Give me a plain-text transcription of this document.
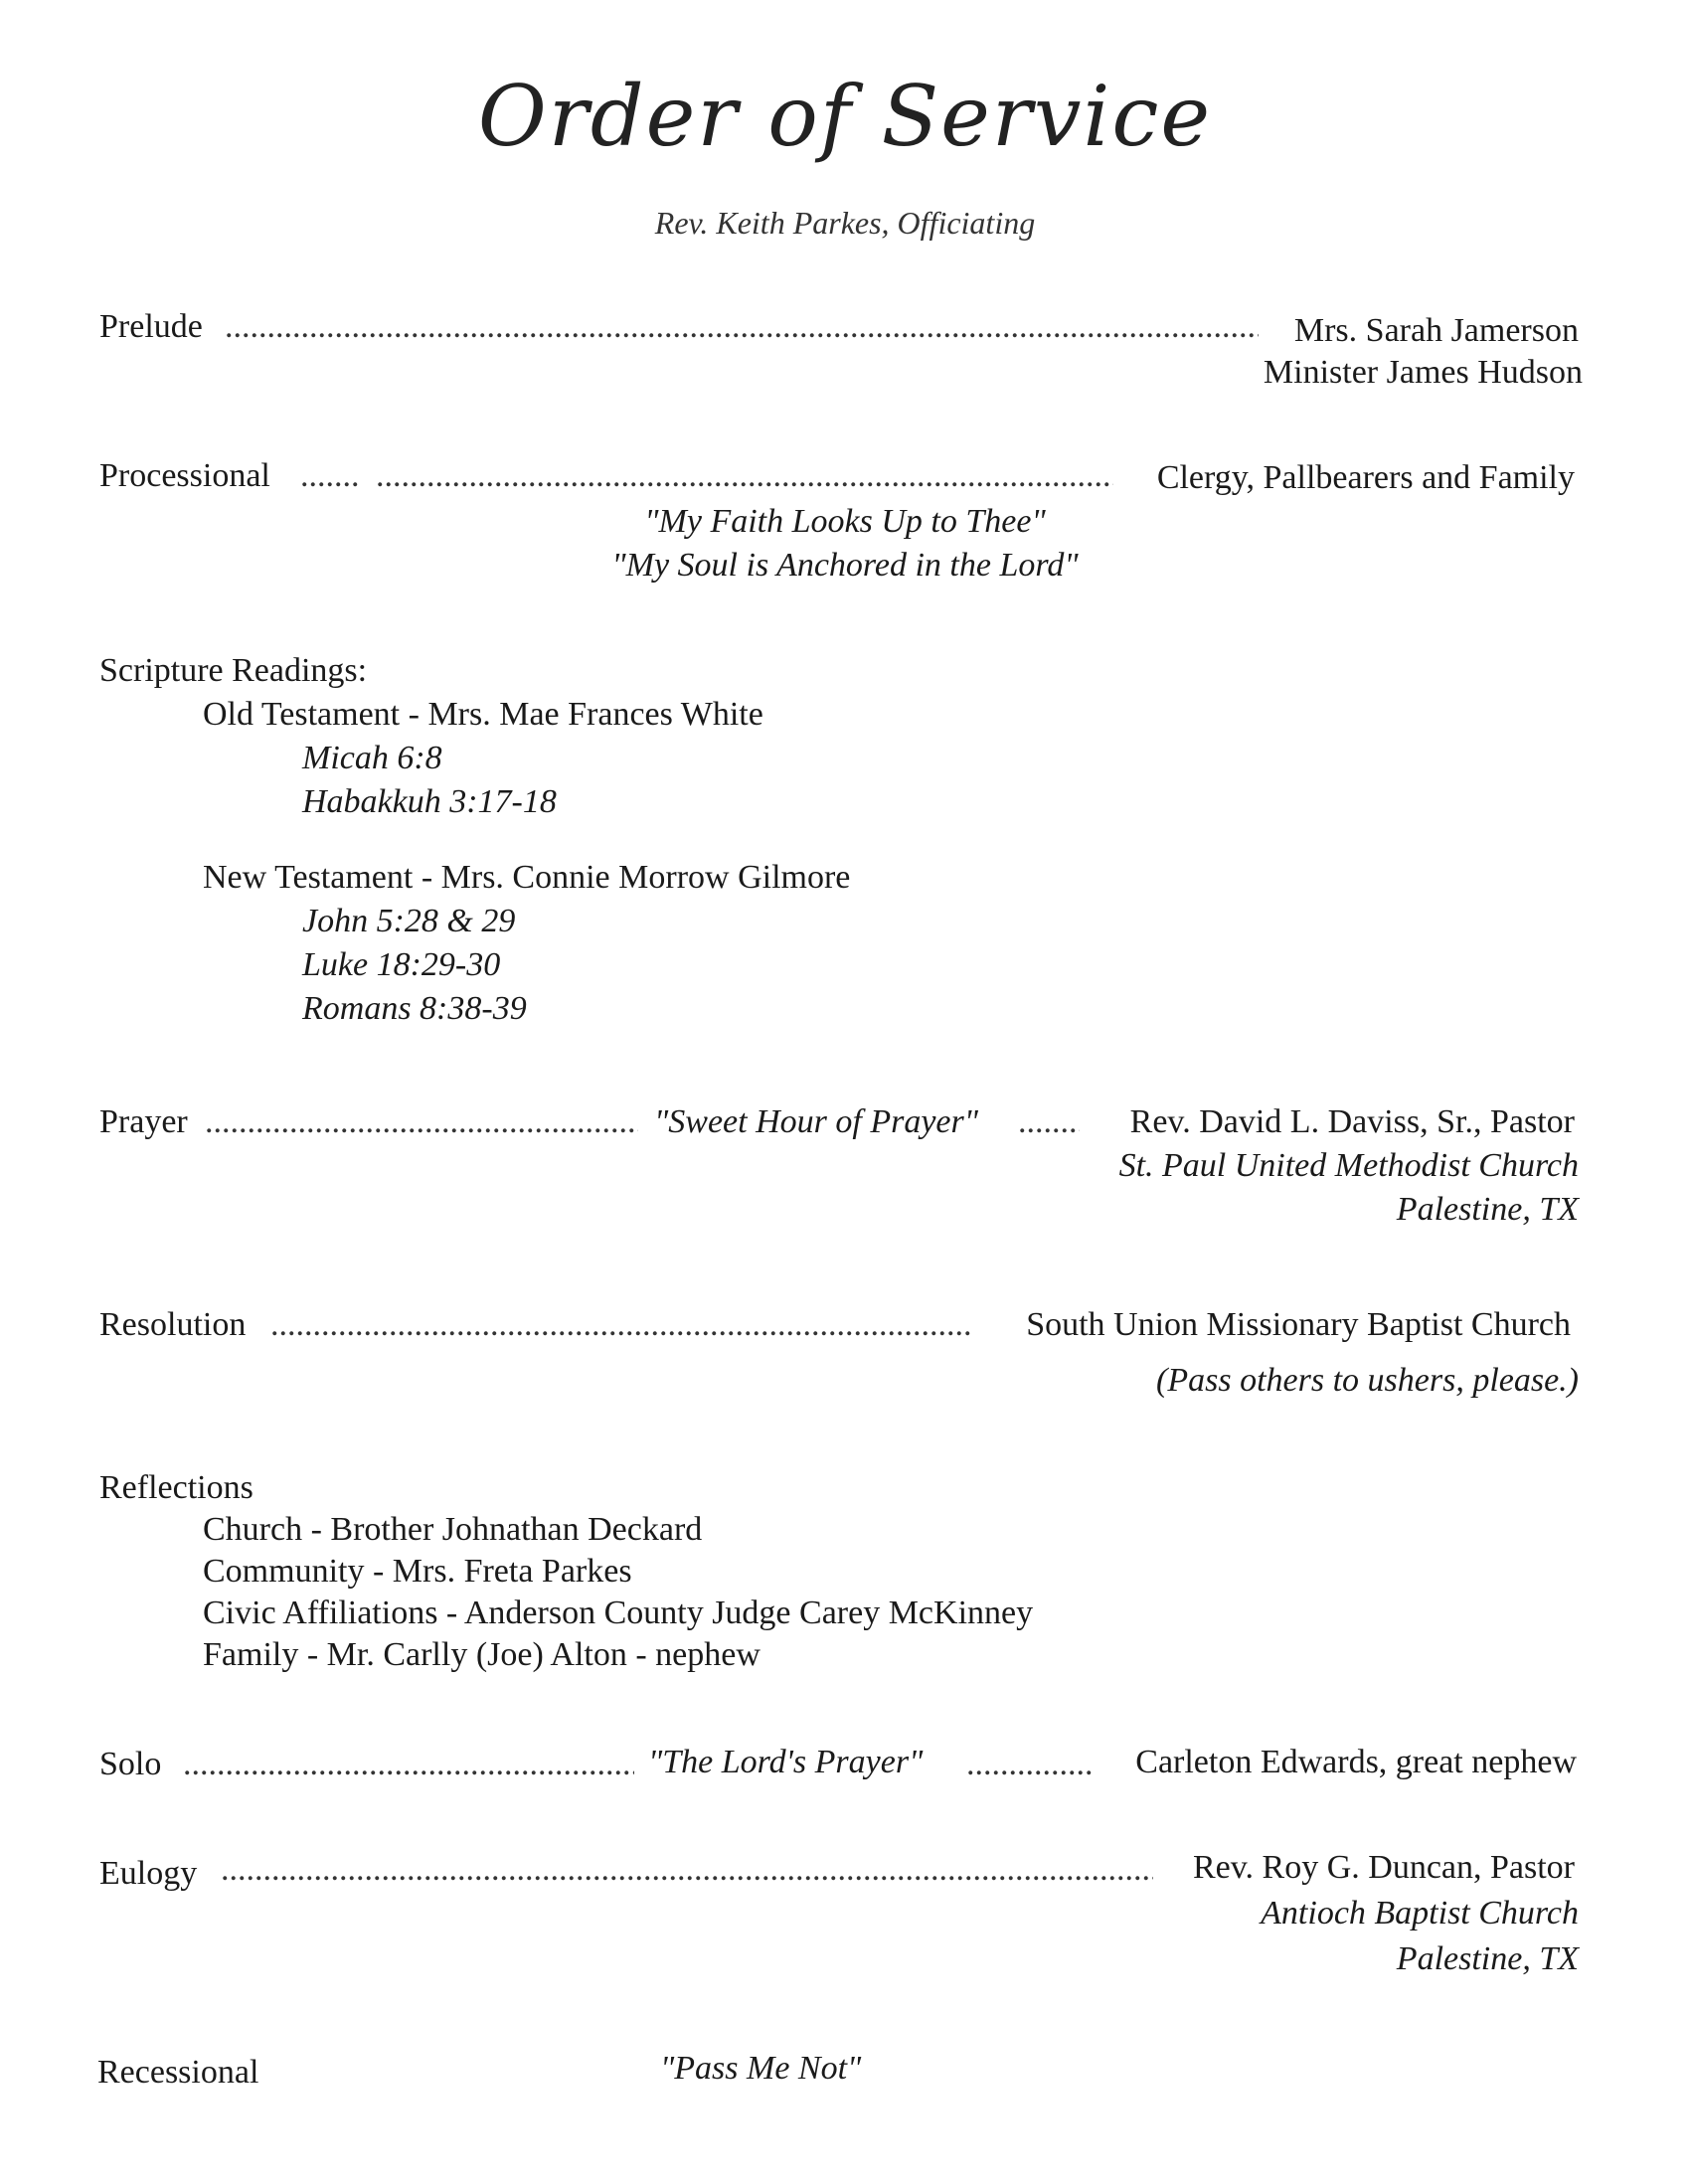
Order of Service
Rev. Keith Parkes, Officiating
Prelude .....	Mrs. Sarah Jamerson
Minister James Hudson
Processional ..... .....	Clergy, Pallbearers and Family
"My Faith Looks Up to Thee"
"My Soul is Anchored in the Lord"
Scripture Readings:
Old Testament - Mrs. Mae Frances White
Micah 6:8
Habakkuh 3:17-18
New Testament - Mrs. Connie Morrow Gilmore
John 5:28 & 29
Luke 18:29-30
Romans 8:38-39
Prayer .....	"Sweet Hour of Prayer" .....	Rev. David L. Daviss, Sr., Pastor
St. Paul United Methodist Church
Palestine, TX
Resolution .....	South Union Missionary Baptist Church
(Pass others to ushers, please.)
Reflections
Church - Brother Johnathan Deckard
Community - Mrs. Freta Parkes
Civic Affiliations - Anderson County Judge Carey McKinney
Family - Mr. Carlly (Joe) Alton - nephew
Solo .....	"The Lord's Prayer" .....	Carleton Edwards, great nephew
Eulogy .....	Rev. Roy G. Duncan, Pastor
Antioch Baptist Church
Palestine, TX
Recessional	"Pass Me Not"
